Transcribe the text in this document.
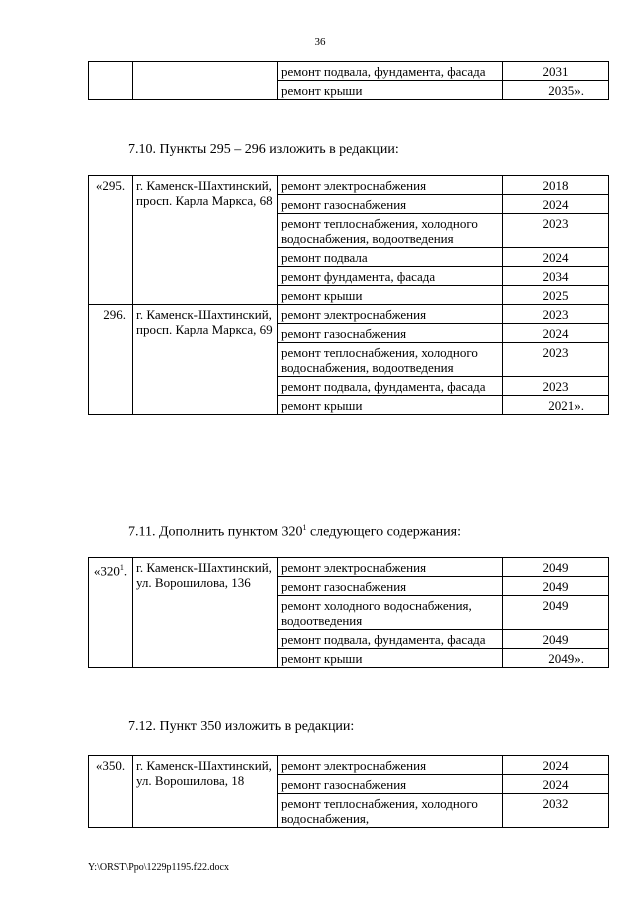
36
		ремонт подвала, фундамента, фасада	2031
		ремонт крыши	2035».
7.10. Пункты 295 – 296 изложить в редакции:
«295.	г. Каменск-Шахтинский, просп. Карла Маркса, 68	ремонт электроснабжения	2018
		ремонт газоснабжения	2024
		ремонт теплоснабжения, холодного водоснабжения, водоотведения	2023
		ремонт подвала	2024
		ремонт фундамента, фасада	2034
		ремонт крыши	2025
296.	г. Каменск-Шахтинский, просп. Карла Маркса, 69	ремонт электроснабжения	2023
		ремонт газоснабжения	2024
		ремонт теплоснабжения, холодного водоснабжения, водоотведения	2023
		ремонт подвала, фундамента, фасада	2023
		ремонт крыши	2021».
7.11. Дополнить пунктом $320^1$ следующего содержания:
«$320^1$.	г. Каменск-Шахтинский, ул. Ворошилова, 136	ремонт электроснабжения	2049
		ремонт газоснабжения	2049
		ремонт холодного водоснабжения, водоотведения	2049
		ремонт подвала, фундамента, фасада	2049
		ремонт крыши	2049».
7.12. Пункт 350 изложить в редакции:
«350.	г. Каменск-Шахтинский, ул. Ворошилова, 18	ремонт электроснабжения	2024
		ремонт газоснабжения	2024
		ремонт теплоснабжения, холодного водоснабжения,	2032
Y:\ORST\Ppo\1229p1195.f22.docx
